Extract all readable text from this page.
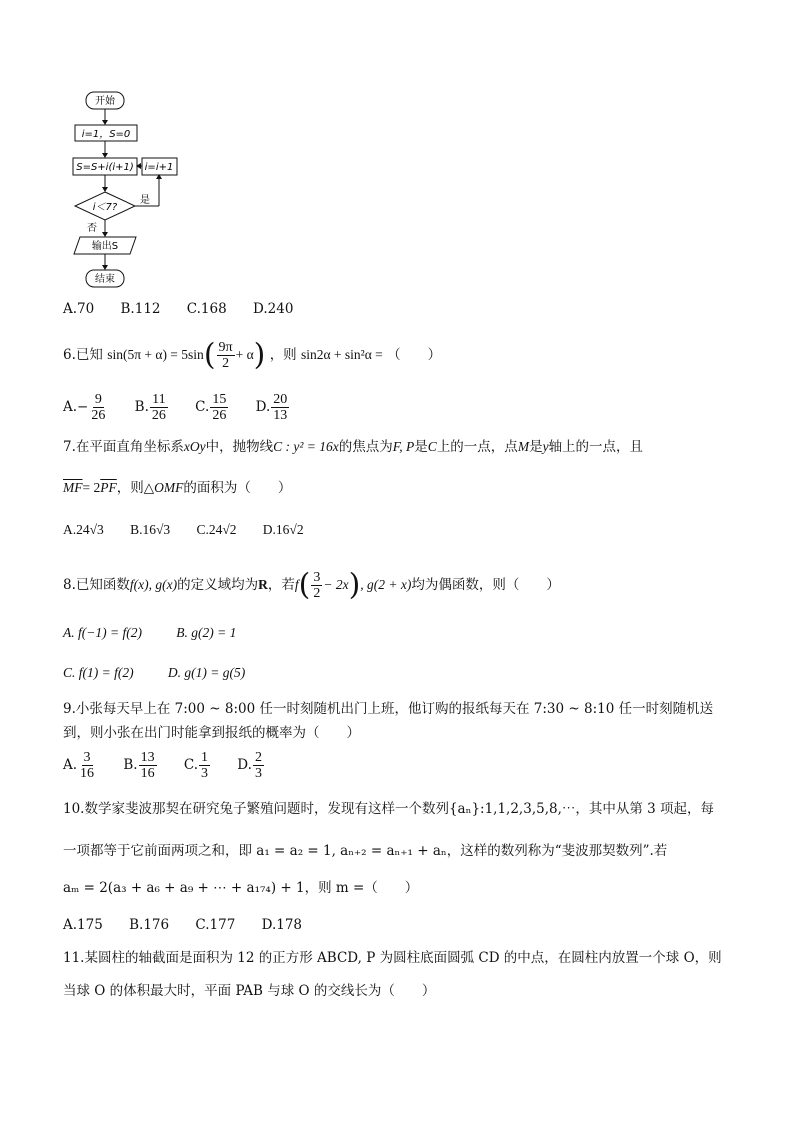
开始
i=1，S=0
S=S+i(i+1) i=i+1
i＜7?
是
否
输出S
结束
A.70 B.112 C.168 D.240
6.已知 $\sin(5\pi + \alpha) = 5\sin( \frac{9\pi}{2} + \alpha)$ ，则 sin2α + sin²α = （　　）
$A.- \frac{9}{26} B$. $\frac{11}{26} C$. $\frac{15}{26} D$. $\frac{20}{13}$
7.在平面直角坐标系xOy中，抛物线C : y² = 16x的焦点为F, P是C上的一点，点M是y轴上的一点，且
$\overline{MF}= 2\overline{PF}$，则△OMF的面积为（　　）
A.24√3 B.16√3 C.24√2 D.16√2
8.已知函数f(x), g(x)的定义域均为R，若$f( \frac{3}{2} - 2x)$, g(2 + x)均为偶函数，则（　　）
A. f(−1) = f(2)	B. g(2) = 1
C. f(1) = f(2)	D. g(1) = g(5)
9.小张每天早上在 7:00 ~ 8:00 任一时刻随机出门上班，他订购的报纸每天在 7:30 ~ 8:10 任一时刻随机送
到，则小张在出门时能拿到报纸的概率为（　　）
A. $\frac{3}{16} B$. $\frac{13}{16} C$. $\frac{1}{3} D$. $\frac{2}{3}$
10.数学家斐波那契在研究兔子繁殖问题时，发现有这样一个数列{aₙ}:1,1,2,3,5,8,⋯，其中从第 3 项起，每
一项都等于它前面两项之和，即 a₁ = a₂ = 1, aₙ₊₂ = aₙ₊₁ + aₙ，这样的数列称为“斐波那契数列”.若
aₘ = 2(a₃ + a₆ + a₉ + ⋯ + a₁₇₄) + 1，则 m =（　　）
A.175 B.176 C.177 D.178
11.某圆柱的轴截面是面积为 12 的正方形 ABCD, P 为圆柱底面圆弧 CD 的中点，在圆柱内放置一个球 O，则
当球 O 的体积最大时，平面 PAB 与球 O 的交线长为（　　）
